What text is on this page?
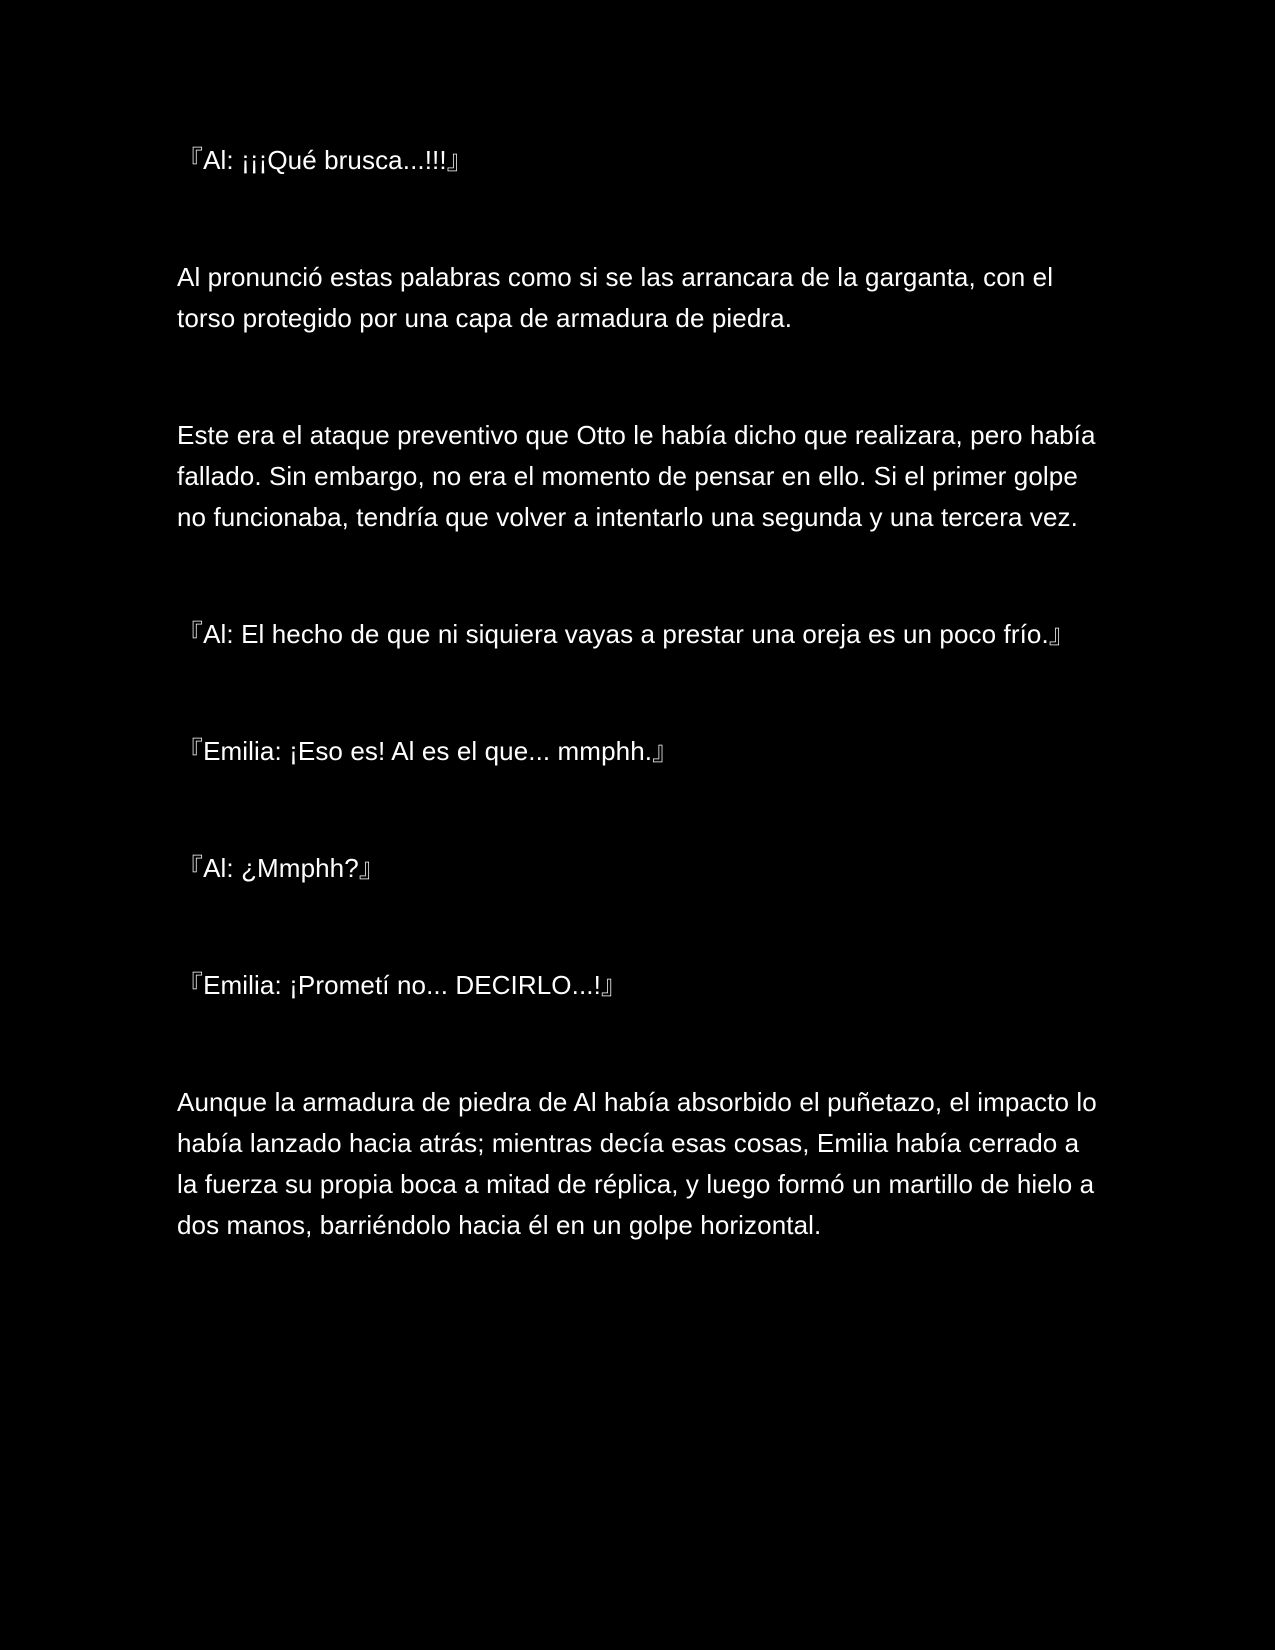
『Al: ¡¡¡Qué brusca...!!!』

Al pronunció estas palabras como si se las arrancara de la garganta, con el torso protegido por una capa de armadura de piedra.

Este era el ataque preventivo que Otto le había dicho que realizara, pero había fallado. Sin embargo, no era el momento de pensar en ello. Si el primer golpe no funcionaba, tendría que volver a intentarlo una segunda y una tercera vez.

『Al: El hecho de que ni siquiera vayas a prestar una oreja es un poco frío.』

『Emilia: ¡Eso es! Al es el que... mmphh.』

『Al: ¿Mmphh?』

『Emilia: ¡Prometí no... DECIRLO...!』

Aunque la armadura de piedra de Al había absorbido el puñetazo, el impacto lo había lanzado hacia atrás; mientras decía esas cosas, Emilia había cerrado a la fuerza su propia boca a mitad de réplica, y luego formó un martillo de hielo a dos manos, barriéndolo hacia él en un golpe horizontal.
